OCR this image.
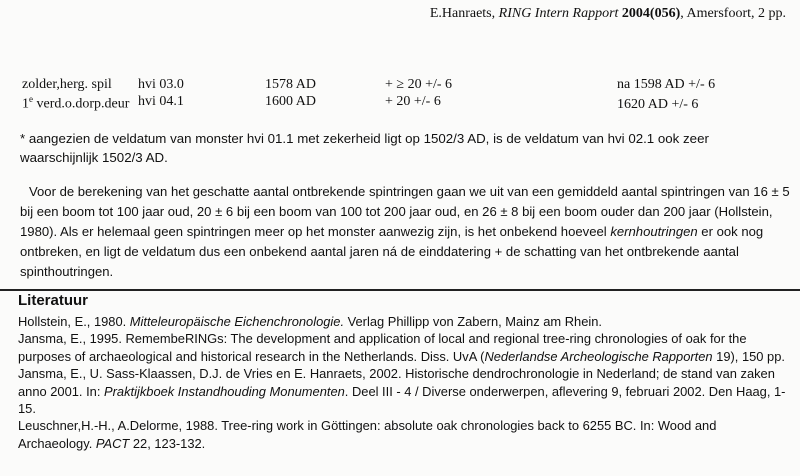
E.Hanraets, RING Intern Rapport 2004(056), Amersfoort, 2 pp.
zolder,herg. spil hvi 03.0	1578 AD	+ ≥ 20 +/- 6	na 1598 AD +/- 6
1e verd.o.dorp.deur hvi 04.1	1600 AD	+ 20 +/- 6	1620 AD +/- 6
* aangezien de veldatum van monster hvi 01.1 met zekerheid ligt op 1502/3 AD, is de veldatum van hvi 02.1 ook zeer waarschijnlijk 1502/3 AD.
Voor de berekening van het geschatte aantal ontbrekende spintringen gaan we uit van een gemiddeld aantal spintringen van 16 ± 5 bij een boom tot 100 jaar oud, 20 ± 6 bij een boom van 100 tot 200 jaar oud, en 26 ± 8 bij een boom ouder dan 200 jaar (Hollstein, 1980). Als er helemaal geen spintringen meer op het monster aanwezig zijn, is het onbekend hoeveel kernhoutringen er ook nog ontbreken, en ligt de veldatum dus een onbekend aantal jaren ná de einddatering + de schatting van het ontbrekende aantal spinthoutringen.
Literatuur

Hollstein, E., 1980. Mitteleuropäische Eichenchronologie. Verlag Phillipp von Zabern, Mainz am Rhein.

Jansma, E., 1995. RemembeRINGs: The development and application of local and regional tree-ring chronologies of oak for the purposes of archaeological and historical research in the Netherlands. Diss. UvA (Nederlandse Archeologische Rapporten 19), 150 pp.

Jansma, E., U. Sass-Klaassen, D.J. de Vries en E. Hanraets, 2002. Historische dendrochronologie in Nederland; de stand van zaken anno 2001. In: Praktijkboek Instandhouding Monumenten. Deel III - 4 / Diverse onderwerpen, aflevering 9, februari 2002. Den Haag, 1-15.

Leuschner,H.-H., A.Delorme, 1988. Tree-ring work in Göttingen: absolute oak chronologies back to 6255 BC. In: Wood and Archaeology. PACT 22, 123-132.
